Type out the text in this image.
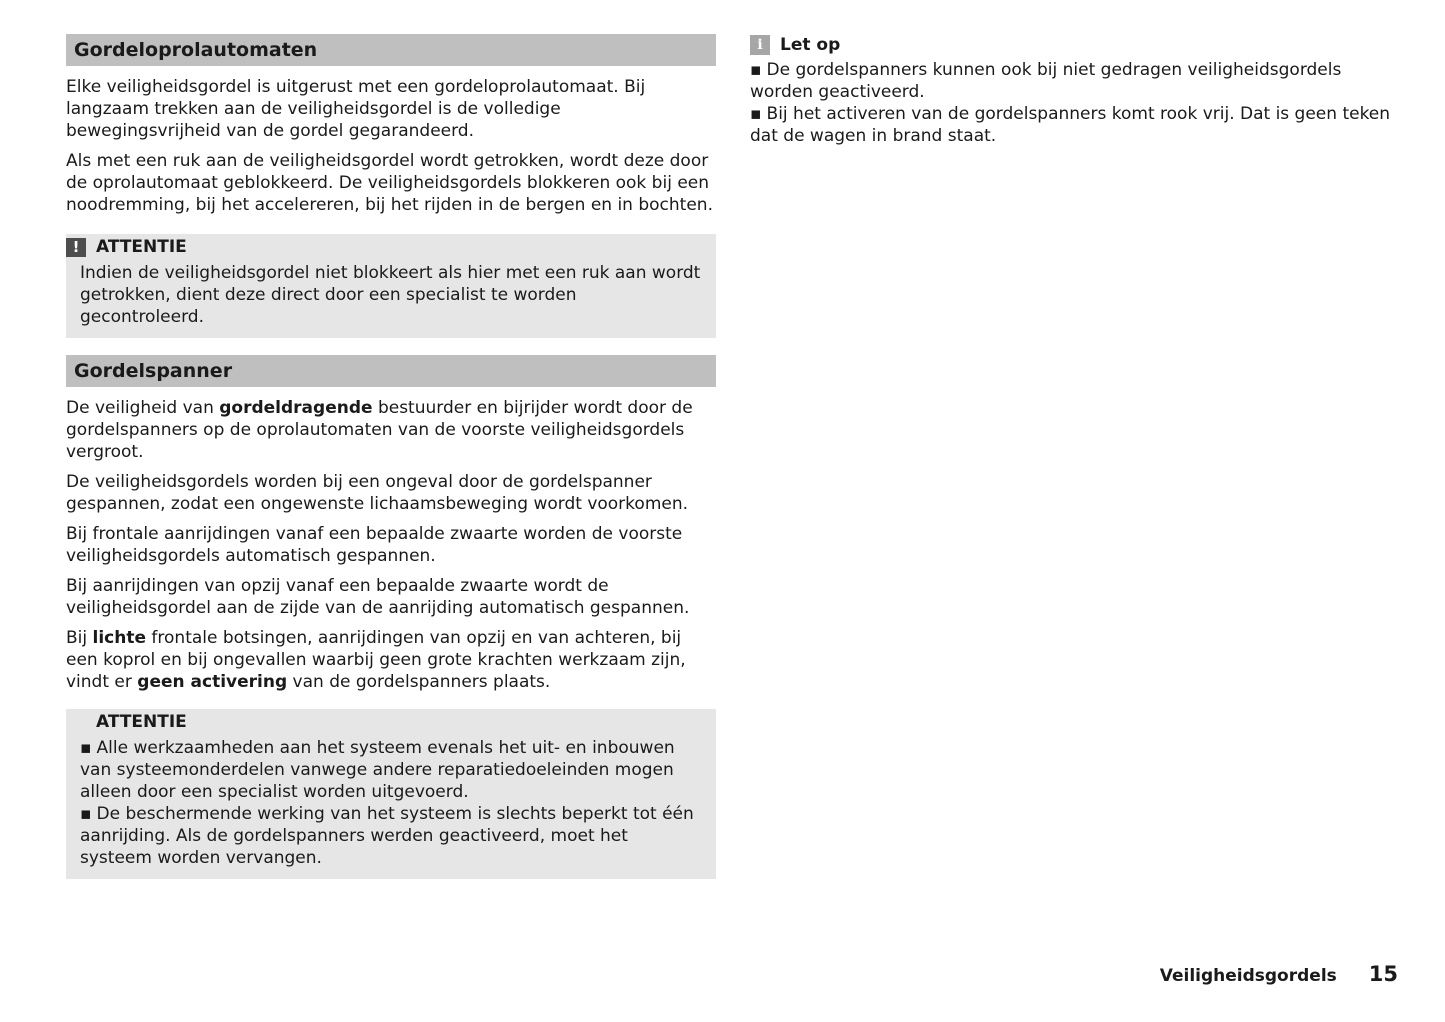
Gordeloprolautomaten

Elke veiligheidsgordel is uitgerust met een gordeloprolautomaat. Bij langzaam trekken aan de veiligheidsgordel is de volledige bewegingsvrijheid van de gordel gegarandeerd.

Als met een ruk aan de veiligheidsgordel wordt getrokken, wordt deze door de oprolautomaat geblokkeerd. De veiligheidsgordels blokkeren ook bij een noodremming, bij het accelereren, bij het rijden in de bergen en in bochten.

! ATTENTIE

Indien de veiligheidsgordel niet blokkeert als hier met een ruk aan wordt getrokken, dient deze direct door een specialist te worden gecontroleerd.

Gordelspanner

De veiligheid van gordeldragende bestuurder en bijrijder wordt door de gordelspanners op de oprolautomaten van de voorste veiligheidsgordels vergroot.

De veiligheidsgordels worden bij een ongeval door de gordelspanner gespannen, zodat een ongewenste lichaamsbeweging wordt voorkomen.

Bij frontale aanrijdingen vanaf een bepaalde zwaarte worden de voorste veiligheidsgordels automatisch gespannen.

Bij aanrijdingen van opzij vanaf een bepaalde zwaarte wordt de veiligheidsgordel aan de zijde van de aanrijding automatisch gespannen.

Bij lichte frontale botsingen, aanrijdingen van opzij en van achteren, bij een koprol en bij ongevallen waarbij geen grote krachten werkzaam zijn, vindt er geen activering van de gordelspanners plaats.

ATTENTIE

▪ Alle werkzaamheden aan het systeem evenals het uit- en inbouwen van systeemonderdelen vanwege andere reparatiedoeleinden mogen alleen door een specialist worden uitgevoerd.

▪ De beschermende werking van het systeem is slechts beperkt tot één aanrijding. Als de gordelspanners werden geactiveerd, moet het systeem worden vervangen.

i	Let op

▪ De gordelspanners kunnen ook bij niet gedragen veiligheidsgordels worden geactiveerd.

▪ Bij het activeren van de gordelspanners komt rook vrij. Dat is geen teken dat de wagen in brand staat.

Veiligheidsgordels 15
